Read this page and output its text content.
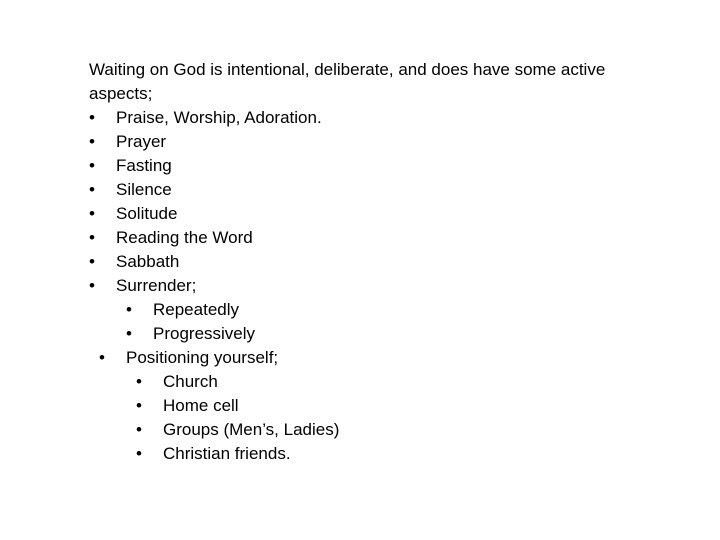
Waiting on God is intentional, deliberate, and does have some active aspects;

•	Praise, Worship, Adoration.
•	Prayer
•	Fasting
•	Silence
•	Solitude
•	Reading the Word
•	Sabbath
•	Surrender;
•	Repeatedly
•	Progressively
•	Positioning yourself;
•	Church
•	Home cell
•	Groups (Men’s, Ladies)
•	Christian friends.
